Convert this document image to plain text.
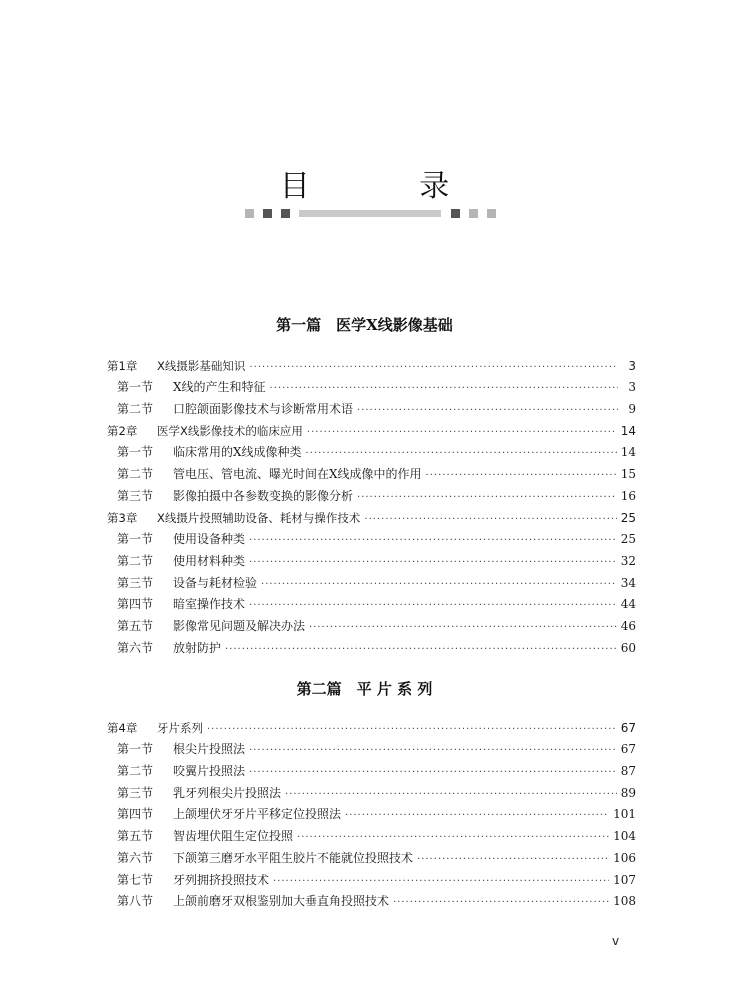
目 录
第一篇　医学X线影像基础
第1章 X线摄影基础知识 ·····	3
第一节 X线的产生和特征 ·····	3
第二节 口腔颌面影像技术与诊断常用术语 ·····	9
第2章 医学X线影像技术的临床应用 ·····	14
第一节 临床常用的X线成像种类 ·····	14
第二节 管电压、管电流、曝光时间在X线成像中的作用 ·····	15
第三节 影像拍摄中各参数变换的影像分析 ·····	16
第3章 X线摄片投照辅助设备、耗材与操作技术 ·····	25
第一节 使用设备种类 ·····	25
第二节 使用材料种类 ·····	32
第三节 设备与耗材检验 ·····	34
第四节 暗室操作技术 ·····	44
第五节 影像常见问题及解决办法 ·····	46
第六节 放射防护 ·····	60
第二篇　平 片 系 列
第4章 牙片系列 ·····	67
第一节 根尖片投照法 ·····	67
第二节 咬翼片投照法 ·····	87
第三节 乳牙列根尖片投照法 ·····	89
第四节 上颌埋伏牙牙片平移定位投照法 ·····	101
第五节 智齿埋伏阻生定位投照 ·····	104
第六节 下颌第三磨牙水平阻生胶片不能就位投照技术 ·····	106
第七节 牙列拥挤投照技术 ·····	107
第八节 上颌前磨牙双根鉴别加大垂直角投照技术 ·····	108
v
